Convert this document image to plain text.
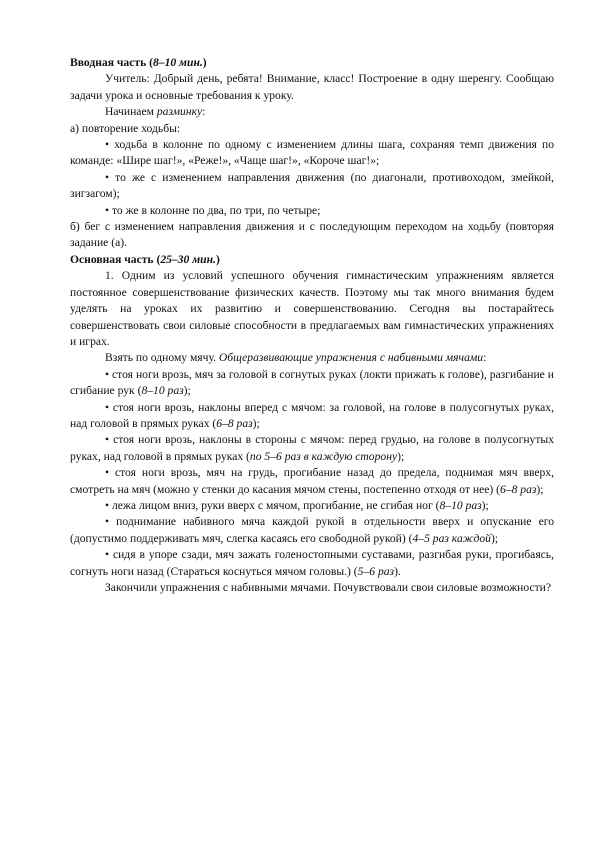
Вводная часть (8–10 мин.)

Учитель: Добрый день, ребята! Внимание, класс! Построение в одну шеренгу. Сообщаю задачи урока и основные требования к уроку.

Начинаем разминку:

а) повторение ходьбы:

• ходьба в колонне по одному с изменением длины шага, сохраняя темп движения по команде: «Шире шаг!», «Реже!», «Чаще шаг!», «Короче шаг!»;

• то же с изменением направления движения (по диагонали, противоходом, змейкой, зигзагом);

• то же в колонне по два, по три, по четыре;

б) бег с изменением направления движения и с последующим переходом на ходьбу (повторяя задание (а).

Основная часть (25–30 мин.)

1. Одним из условий успешного обучения гимнастическим упражнениям является постоянное совершенствование физических качеств. Поэтому мы так много внимания будем уделять на уроках их развитию и совершенствованию. Сегодня вы постарайтесь совершенствовать свои силовые способности в предлагаемых вам гимнастических упражнениях и играх.

Взять по одному мячу. Общеразвивающие упражнения с набивными мячами:

• стоя ноги врозь, мяч за головой в согнутых руках (локти прижать к голове), разгибание и сгибание рук (8–10 раз);

• стоя ноги врозь, наклоны вперед с мячом: за головой, на голове в полусогнутых руках, над головой в прямых руках (6–8 раз);

• стоя ноги врозь, наклоны в стороны с мячом: перед грудью, на голове в полусогнутых руках, над головой в прямых руках (по 5–6 раз в каждую сторону);

• стоя ноги врозь, мяч на грудь, прогибание назад до предела, поднимая мяч вверх, смотреть на мяч (можно у стенки до касания мячом стены, постепенно отходя от нее) (6–8 раз);

• лежа лицом вниз, руки вверх с мячом, прогибание, не сгибая ног (8–10 раз);

• поднимание набивного мяча каждой рукой в отдельности вверх и опускание его (допустимо поддерживать мяч, слегка касаясь его свободной рукой) (4–5 раз каждой);

• сидя в упоре сзади, мяч зажать голеностопными суставами, разгибая руки, прогибаясь, согнуть ноги назад (Стараться коснуться мячом головы.) (5–6 раз).

Закончили упражнения с набивными мячами. Почувствовали свои силовые возможности?
